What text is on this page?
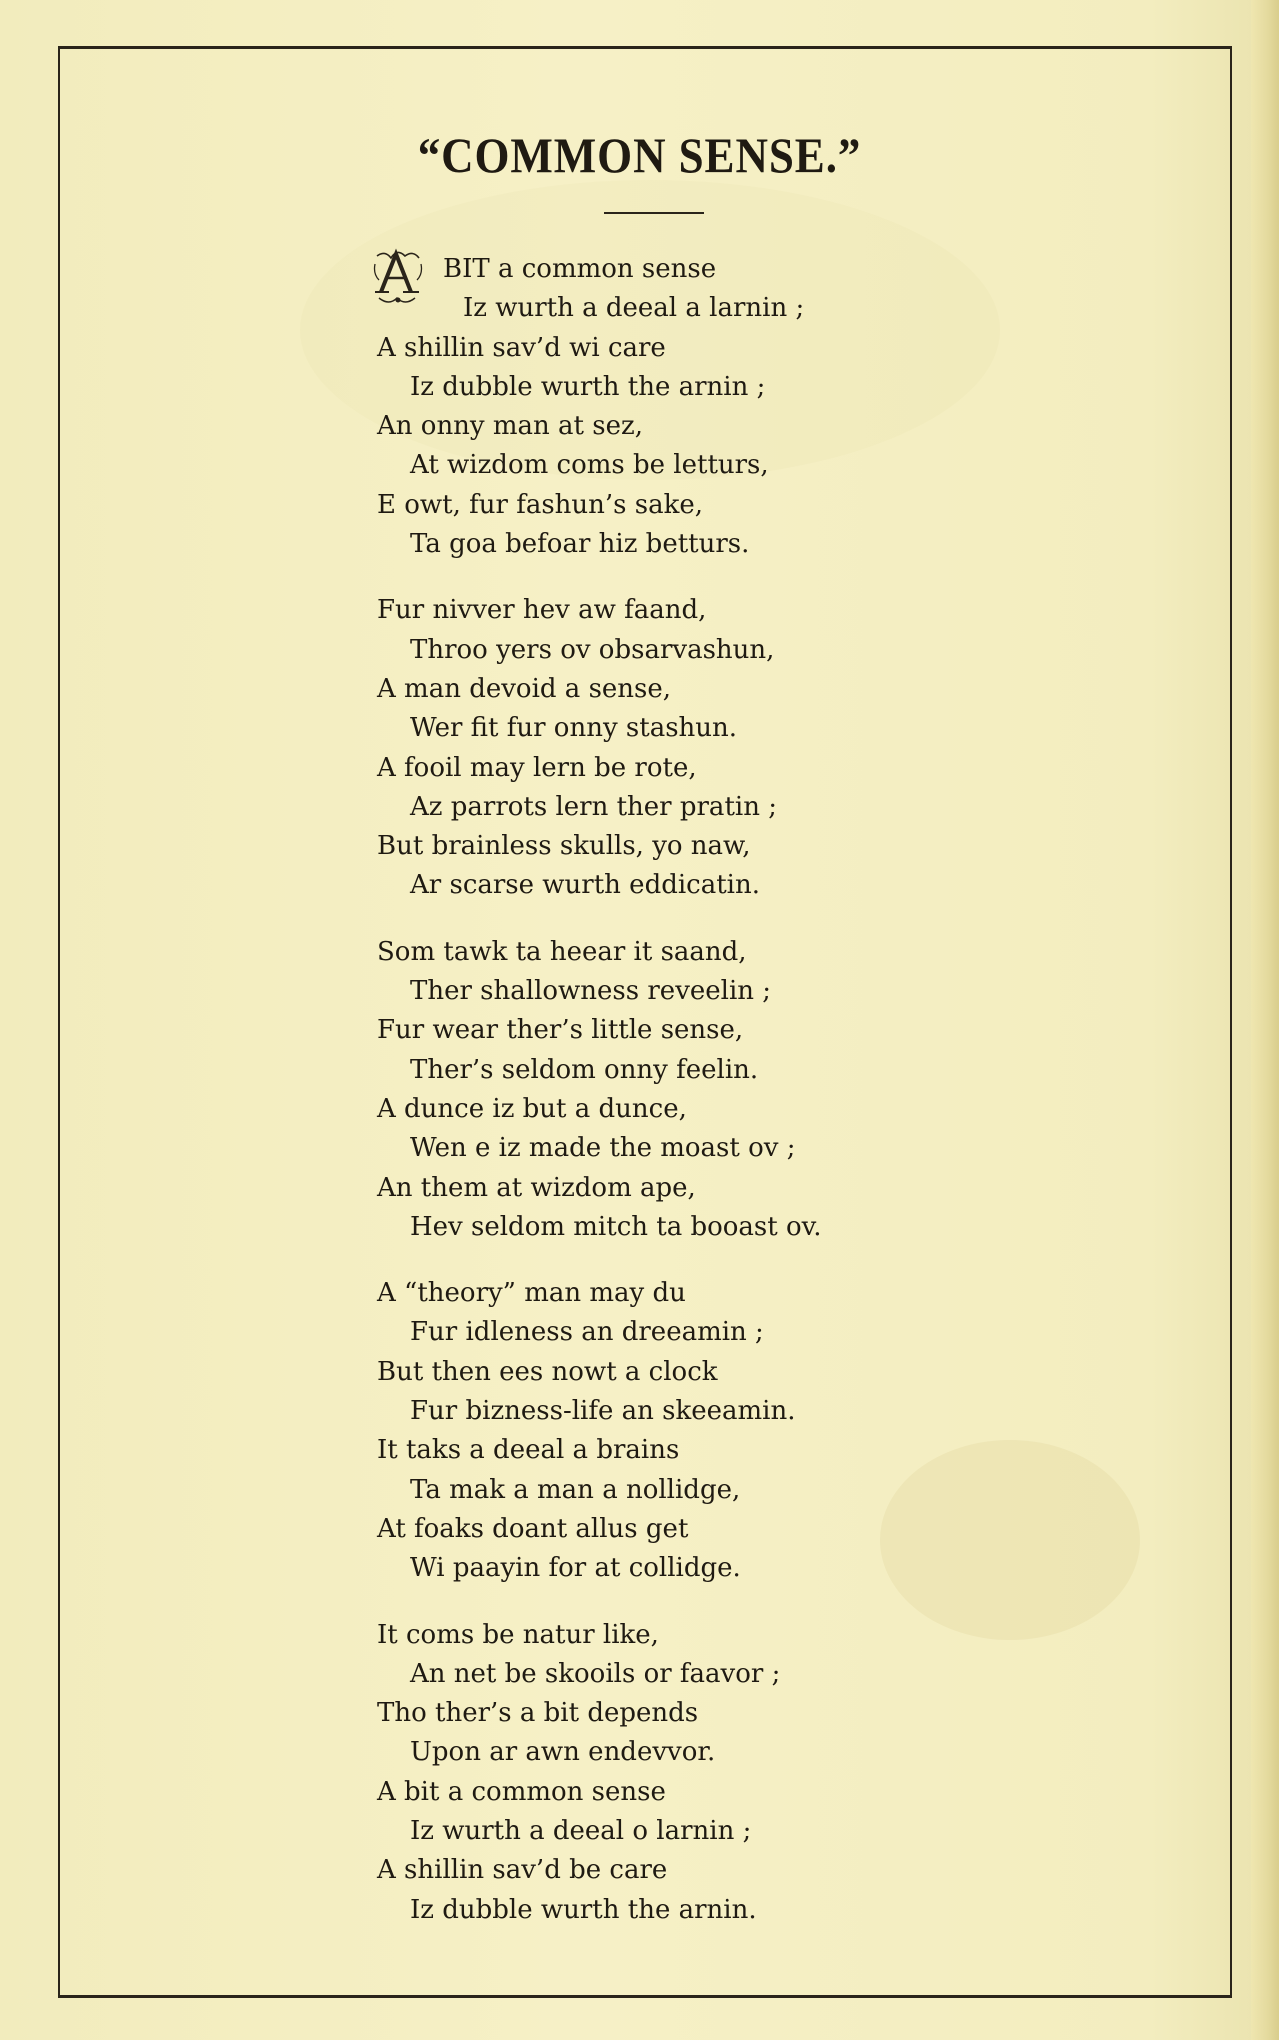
“COMMON SENSE.”
BIT a common sense
Iz wurth a deeal a larnin ;
A shillin sav’d wi care
Iz dubble wurth the arnin ;
An onny man at sez,
At wizdom coms be letturs,
E owt, fur fashun’s sake,
Ta goa befoar hiz betturs.
Fur nivver hev aw faand,
Throo yers ov obsarvashun,
A man devoid a sense,
Wer fit fur onny stashun.
A fooil may lern be rote,
Az parrots lern ther pratin ;
But brainless skulls, yo naw,
Ar scarse wurth eddicatin.
Som tawk ta heear it saand,
Ther shallowness reveelin ;
Fur wear ther’s little sense,
Ther’s seldom onny feelin.
A dunce iz but a dunce,
Wen e iz made the moast ov ;
An them at wizdom ape,
Hev seldom mitch ta booast ov.
A “theory” man may du
Fur idleness an dreeamin ;
But then ees nowt a clock
Fur bizness-life an skeeamin.
It taks a deeal a brains
Ta mak a man a nollidge,
At foaks doant allus get
Wi paayin for at collidge.
It coms be natur like,
An net be skooils or faavor ;
Tho ther’s a bit depends
Upon ar awn endevvor.
A bit a common sense
Iz wurth a deeal o larnin ;
A shillin sav’d be care
Iz dubble wurth the arnin.
